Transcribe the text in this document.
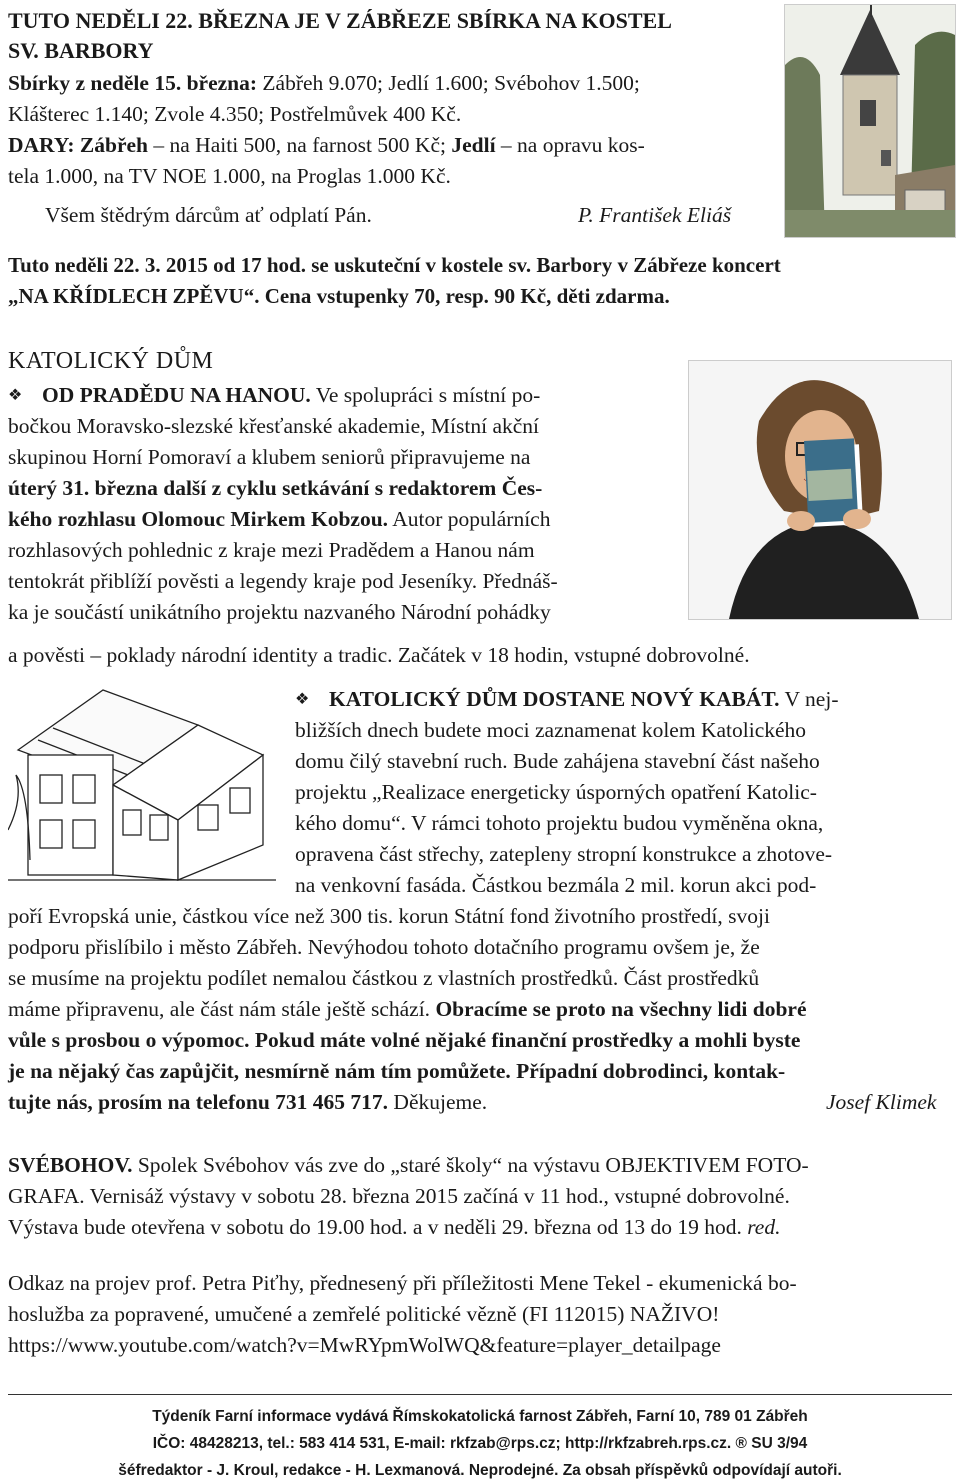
TUTO NEDĚLI 22. BŘEZNA JE V ZÁBŘEZE SBÍRKA NA KOSTEL
SV. BARBORY
Sbírky z neděle 15. března: Zábřeh 9.070; Jedlí 1.600; Svébohov 1.500;
Klášterec 1.140; Zvole 4.350; Postřelmůvek 400 Kč.
DARY: Zábřeh – na Haiti 500, na farnost 500 Kč; Jedlí – na opravu kos-
tela 1.000, na TV NOE 1.000, na Proglas 1.000 Kč.
Všem štědrým dárcům ať odplatí Pán.	P. František Eliáš
Tuto neděli 22. 3. 2015 od 17 hod. se uskuteční v kostele sv. Barbory v Zábřeze koncert
„NA KŘÍDLECH ZPĚVU“. Cena vstupenky 70, resp. 90 Kč, děti zdarma.
KATOLICKÝ DŮM
❖ OD PRADĚDU NA HANOU. Ve spolupráci s místní po-
bočkou Moravsko-slezské křesťanské akademie, Místní akční
skupinou Horní Pomoraví a klubem seniorů připravujeme na
úterý 31. března další z cyklu setkávání s redaktorem Čes-
kého rozhlasu Olomouc Mirkem Kobzou. Autor populárních
rozhlasových pohlednic z kraje mezi Pradědem a Hanou nám
tentokrát přiblíží pověsti a legendy kraje pod Jeseníky. Přednáš-
ka je součástí unikátního projektu nazvaného Národní pohádky
a pověsti – poklady národní identity a tradic. Začátek v 18 hodin, vstupné dobrovolné.
❖ KATOLICKÝ DŮM DOSTANE NOVÝ KABÁT. V nej-
bližších dnech budete moci zaznamenat kolem Katolického
domu čilý stavební ruch. Bude zahájena stavební část našeho
projektu „Realizace energeticky úsporných opatření Katolic-
kého domu“. V rámci tohoto projektu budou vyměněna okna,
opravena část střechy, zatepleny stropní konstrukce a zhotove-
na venkovní fasáda. Částkou bezmála 2 mil. korun akci pod-
poří Evropská unie, částkou více než 300 tis. korun Státní fond životního prostředí, svoji
podporu přislíbilo i město Zábřeh. Nevýhodou tohoto dotačního programu ovšem je, že
se musíme na projektu podílet nemalou částkou z vlastních prostředků. Část prostředků
máme připravenu, ale část nám stále ještě schází. Obracíme se proto na všechny lidi dobré
vůle s prosbou o výpomoc. Pokud máte volné nějaké finanční prostředky a mohli byste
je na nějaký čas zapůjčit, nesmírně nám tím pomůžete. Případní dobrodinci, kontak-
tujte nás, prosím na telefonu 731 465 717. Děkujeme.	Josef Klimek
SVÉBOHOV. Spolek Svébohov vás zve do „staré školy“ na výstavu OBJEKTIVEM FOTO-
GRAFA. Vernisáž výstavy v sobotu 28. března 2015 začíná v 11 hod., vstupné dobrovolné.
Výstava bude otevřena v sobotu do 19.00 hod. a v neděli 29. března od 13 do 19 hod. red.
Odkaz na projev prof. Petra Piťhy, přednesený při příležitosti Mene Tekel - ekumenická bo-
hoslužba za popravené, umučené a zemřelé politické vězně (FI 112015) NAŽIVO!
https://www.youtube.com/watch?v=MwRYpmWolWQ&feature=player_detailpage
Týdeník Farní informace vydává Římskokatolická farnost Zábřeh, Farní 10, 789 01 Zábřeh
IČO: 48428213, tel.: 583 414 531, E-mail: rkfzab@rps.cz; http://rkfzabreh.rps.cz. ® SU 3/94
šéfredaktor - J. Kroul, redakce - H. Lexmanová. Neprodejné. Za obsah příspěvků odpovídají autoři.
